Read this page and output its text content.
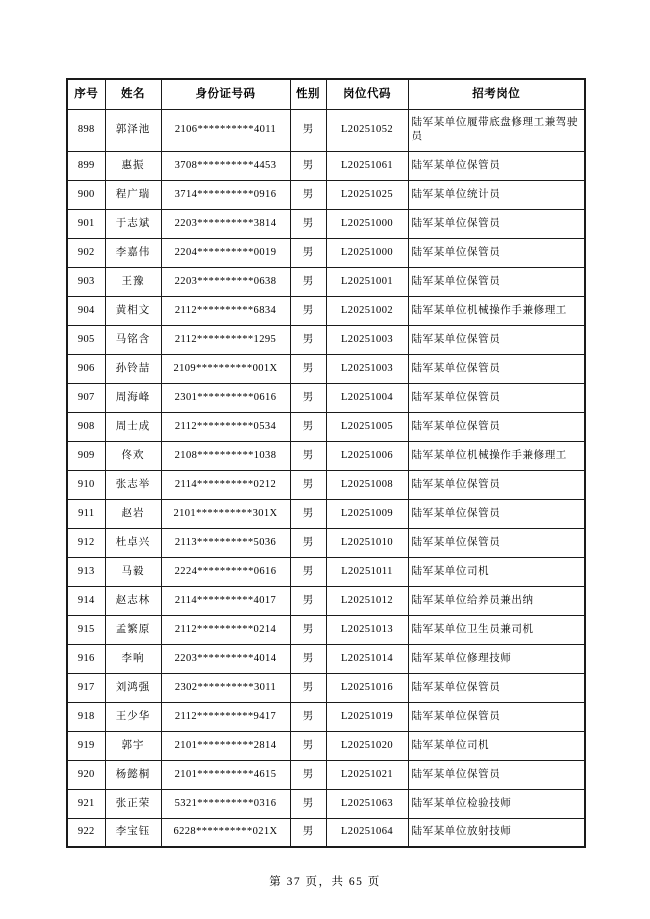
序号	姓名	身份证号码	性别	岗位代码	招考岗位
898	郭泽池	2106**********4011	男	L20251052	陆军某单位履带底盘修理工兼驾驶员
899	惠振	3708**********4453	男	L20251061	陆军某单位保管员
900	程广瑞	3714**********0916	男	L20251025	陆军某单位统计员
901	于志斌	2203**********3814	男	L20251000	陆军某单位保管员
902	李嘉伟	2204**********0019	男	L20251000	陆军某单位保管员
903	王豫	2203**********0638	男	L20251001	陆军某单位保管员
904	黄相文	2112**********6834	男	L20251002	陆军某单位机械操作手兼修理工
905	马铭含	2112**********1295	男	L20251003	陆军某单位保管员
906	孙铃喆	2109**********001X	男	L20251003	陆军某单位保管员
907	周海峰	2301**********0616	男	L20251004	陆军某单位保管员
908	周士成	2112**********0534	男	L20251005	陆军某单位保管员
909	佟欢	2108**********1038	男	L20251006	陆军某单位机械操作手兼修理工
910	张志举	2114**********0212	男	L20251008	陆军某单位保管员
911	赵岩	2101**********301X	男	L20251009	陆军某单位保管员
912	杜卓兴	2113**********5036	男	L20251010	陆军某单位保管员
913	马毅	2224**********0616	男	L20251011	陆军某单位司机
914	赵志林	2114**********4017	男	L20251012	陆军某单位给养员兼出纳
915	孟繁原	2112**********0214	男	L20251013	陆军某单位卫生员兼司机
916	李响	2203**********4014	男	L20251014	陆军某单位修理技师
917	刘鸿强	2302**********3011	男	L20251016	陆军某单位保管员
918	王少华	2112**********9417	男	L20251019	陆军某单位保管员
919	郭宇	2101**********2814	男	L20251020	陆军某单位司机
920	杨懿桐	2101**********4615	男	L20251021	陆军某单位保管员
921	张正荣	5321**********0316	男	L20251063	陆军某单位检验技师
922	李宝钰	6228**********021X	男	L20251064	陆军某单位放射技师
第 37 页，共 65 页
